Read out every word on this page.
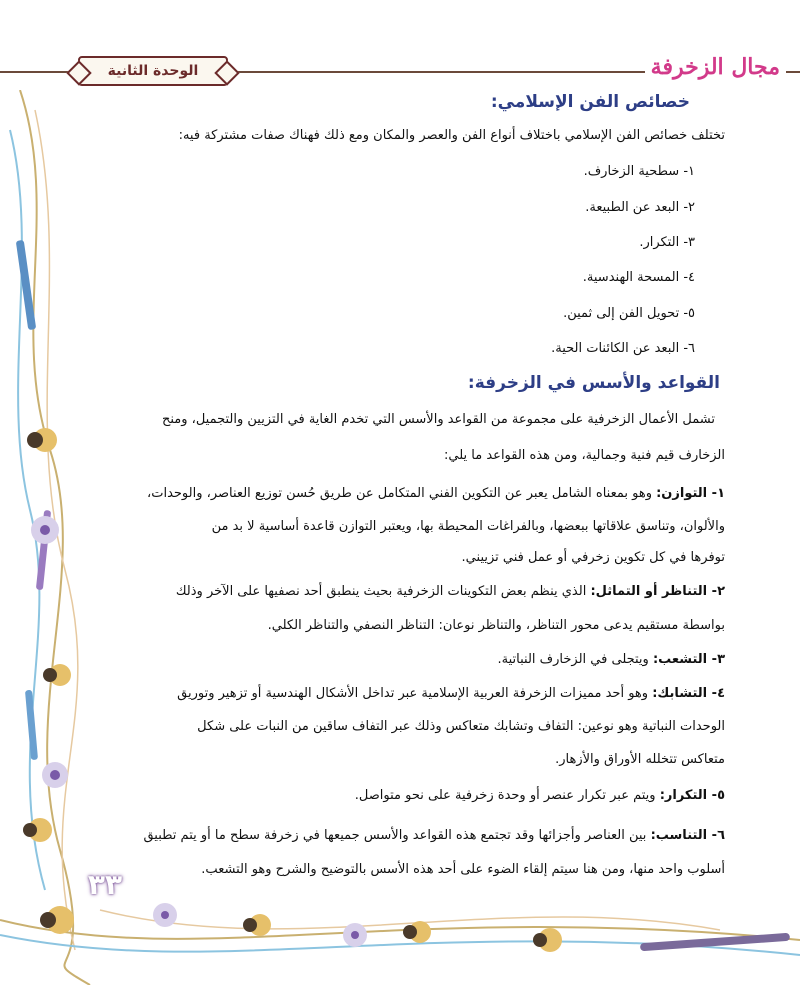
الوحدة الثانية	مجال الزخرفة
خصائص الفن الإسلامي:
تختلف خصائص الفن الإسلامي باختلاف أنواع الفن والعصر والمكان ومع ذلك فهناك صفات مشتركة فيه:
١- سطحية الزخارف.
٢- البعد عن الطبيعة.
٣- التكرار.
٤- المسحة الهندسية.
٥- تحويل الفن إلى ثمين.
٦- البعد عن الكائنات الحية.
القواعد والأسس في الزخرفة:
تشمل الأعمال الزخرفية على مجموعة من القواعد والأسس التي تخدم الغاية في التزيين والتجميل، ومنح
الزخارف قيم فنية وجمالية، ومن هذه القواعد ما يلي:
١- التوازن: وهو بمعناه الشامل يعبر عن التكوين الفني المتكامل عن طريق حُسن توزيع العناصر، والوحدات،
والألوان، وتناسق علاقاتها ببعضها، وبالفراغات المحيطة بها، ويعتبر التوازن قاعدة أساسية لا بد من
توفرها في كل تكوين زخرفي أو عمل فني تزييني.
٢- التناظر أو التماثل: الذي ينظم بعض التكوينات الزخرفية بحيث ينطبق أحد نصفيها على الآخر وذلك
بواسطة مستقيم يدعى محور التناظر، والتناظر نوعان: التناظر النصفي والتناظر الكلي.
٣- التشعب: ويتجلى في الزخارف النباتية.
٤- التشابك: وهو أحد مميزات الزخرفة العربية الإسلامية عبر تداخل الأشكال الهندسية أو تزهير وتوريق
الوحدات النباتية وهو نوعين: التفاف وتشابك متعاكس وذلك عبر التفاف ساقين من النبات على شكل
متعاكس تتخلله الأوراق والأزهار.
٥- التكرار: ويتم عبر تكرار عنصر أو وحدة زخرفية على نحو متواصل.
٦- التناسب: بين العناصر وأجزائها وقد تجتمع هذه القواعد والأسس جميعها في زخرفة سطح ما أو يتم تطبيق
أسلوب واحد منها، ومن هنا سيتم إلقاء الضوء على أحد هذه الأسس بالتوضيح والشرح وهو التشعب.
٣٣
